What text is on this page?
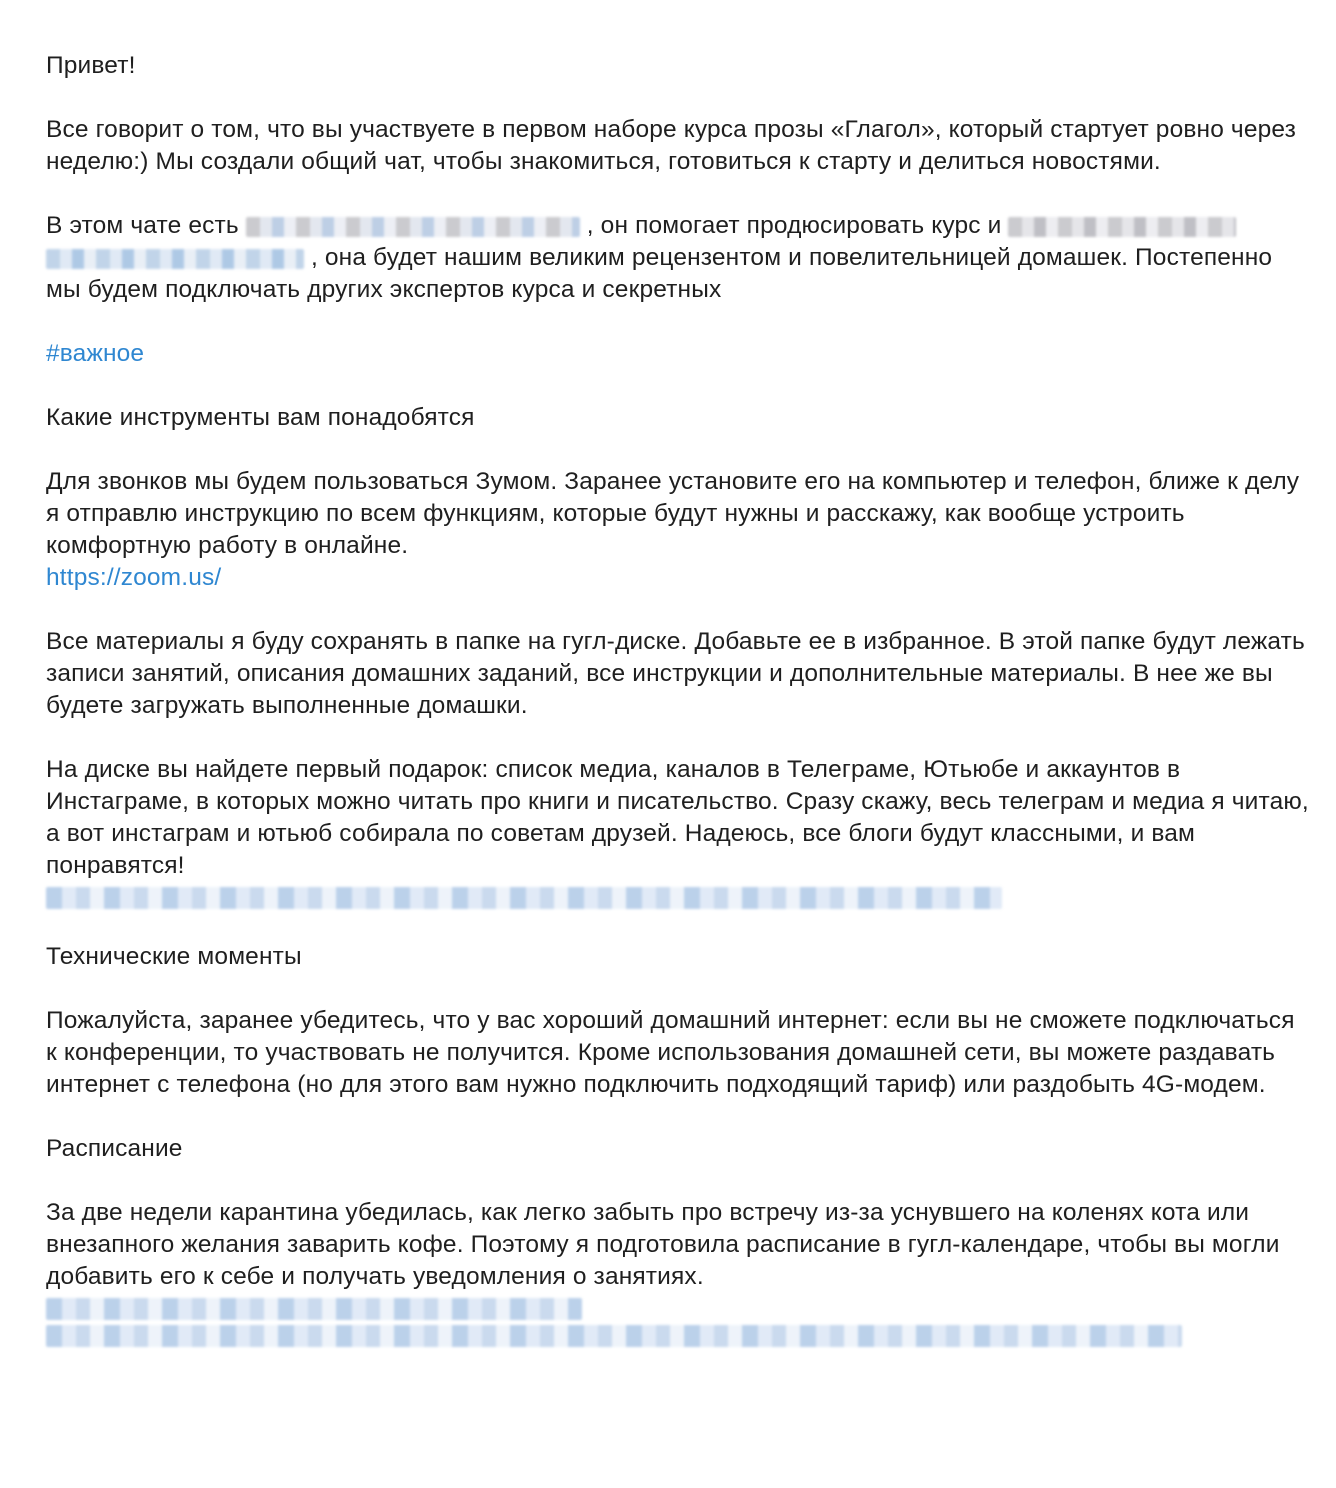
Привет!

Все говорит о том, что вы участвуете в первом наборе курса прозы «Глагол», который стартует ровно через неделю:) Мы создали общий чат, чтобы знакомиться, готовиться к старту и делиться новостями.

В этом чате есть	, он помогает продюсировать курс и
, она будет нашим великим рецензентом и повелительницей домашек. Постепенно мы будем подключать других экспертов курса и секретных

#важное

Какие инструменты вам понадобятся

Для звонков мы будем пользоваться Зумом. Заранее установите его на компьютер и телефон, ближе к делу я отправлю инструкцию по всем функциям, которые будут нужны и расскажу, как вообще устроить комфортную работу в онлайне.
https://zoom.us/

Все материалы я буду сохранять в папке на гугл-диске. Добавьте ее в избранное. В этой папке будут лежать записи занятий, описания домашних заданий, все инструкции и дополнительные материалы. В нее же вы будете загружать выполненные домашки.

На диске вы найдете первый подарок: список медиа, каналов в Телеграме, Ютьюбе и аккаунтов в Инстаграме, в которых можно читать про книги и писательство. Сразу скажу, весь телеграм и медиа я читаю, а вот инстаграм и ютьюб собирала по советам друзей. Надеюсь, все блоги будут классными, и вам понравятся!

Технические моменты

Пожалуйста, заранее убедитесь, что у вас хороший домашний интернет: если вы не сможете подключаться к конференции, то участвовать не получится. Кроме использования домашней сети, вы можете раздавать интернет с телефона (но для этого вам нужно подключить подходящий тариф) или раздобыть 4G-модем.

Расписание

За две недели карантина убедилась, как легко забыть про встречу из-за уснувшего на коленях кота или внезапного желания заварить кофе. Поэтому я подготовила расписание в гугл-календаре, чтобы вы могли добавить его к себе и получать уведомления о занятиях.
